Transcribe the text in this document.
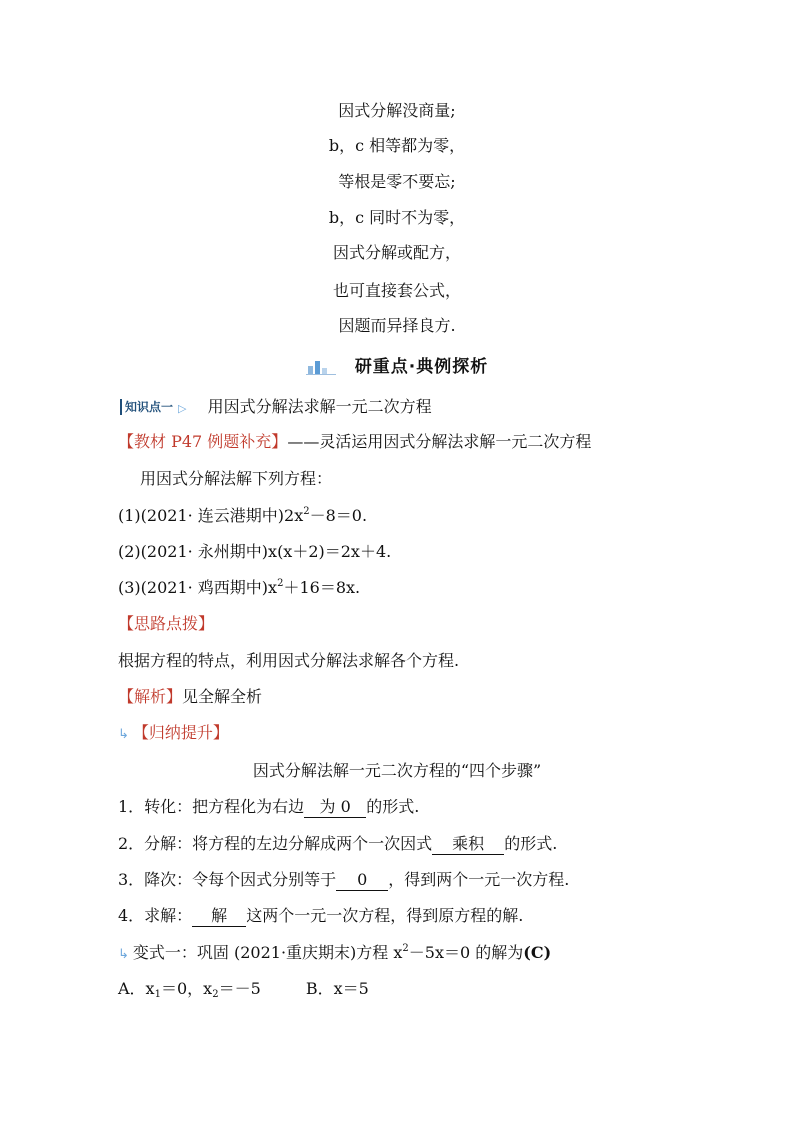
因式分解没商量;
b，c 相等都为零，
等根是零不要忘;
b，c 同时不为零，
因式分解或配方，
也可直接套公式，
因题而异择良方.
研重点·典例探析
知识点一 ▷ 用因式分解法求解一元二次方程
【教材 P47 例题补充】——灵活运用因式分解法求解一元二次方程
用因式分解法解下列方程：
(1)(2021· 连云港期中)$2x^2-8=0$.
(2)(2021· 永州期中)x(x＋2)＝2x＋4.
(3)(2021· 鸡西期中)$x^2+16=8x$.
【思路点拨】
根据方程的特点，利用因式分解法求解各个方程.
【解析】见全解全析
↳ 【归纳提升】
因式分解法解一元二次方程的“四个步骤”
1．转化：把方程化为右边 为 0 的形式.
2．分解：将方程的左边分解成两个一次因式 乘积 的形式.
3．降次：令每个因式分别等于 0 ，得到两个一元一次方程.
4．求解： 解 这两个一元一次方程，得到原方程的解.
↳ 变式一：巩固 (2021·重庆期末)方程 $x^2-5x=0$ 的解为(C)
A．$x_1=0$，$x_2=-5$	B．x＝5
